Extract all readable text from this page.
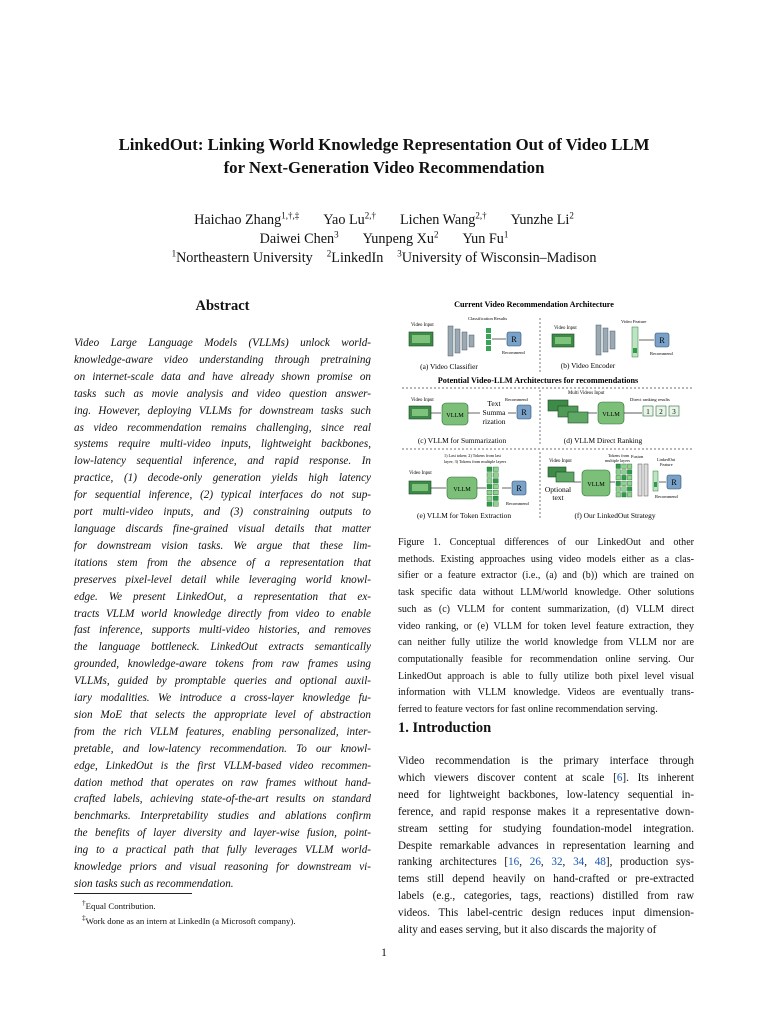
LinkedOut: Linking World Knowledge Representation Out of Video LLM
for Next-Generation Video Recommendation
Haichao Zhang$^{1,\dagger,\ddagger}$ Yao $Lu^{2,\dagger}$ Lichen Wang$^{2,\dagger}$ Yunzhe Li$^2$
Daiwei Chen$^3$ Yunpeng Xu$^2$ Yun Fu$^1$
$^1$Northeastern University $^2$LinkedIn $^3$University of Wisconsin–Madison
Abstract
Video Large Language Models (VLLMs) unlock world-
knowledge-aware video understanding through pretraining
on internet-scale data and have already shown promise on
tasks such as movie analysis and video question answer-
ing. However, deploying VLLMs for downstream tasks such
as video recommendation remains challenging, since real
systems require multi-video inputs, lightweight backbones,
low-latency sequential inference, and rapid response. In
practice, (1) decode-only generation yields high latency
for sequential inference, (2) typical interfaces do not sup-
port multi-video inputs, and (3) constraining outputs to
language discards fine-grained visual details that matter
for downstream vision tasks. We argue that these lim-
itations stem from the absence of a representation that
preserves pixel-level detail while leveraging world knowl-
edge. We present LinkedOut, a representation that ex-
tracts VLLM world knowledge directly from video to enable
fast inference, supports multi-video histories, and removes
the language bottleneck. LinkedOut extracts semantically
grounded, knowledge-aware tokens from raw frames using
VLLMs, guided by promptable queries and optional auxil-
iary modalities. We introduce a cross-layer knowledge fu-
sion MoE that selects the appropriate level of abstraction
from the rich VLLM features, enabling personalized, inter-
pretable, and low-latency recommendation. To our knowl-
edge, LinkedOut is the first VLLM-based video recommen-
dation method that operates on raw frames without hand-
crafted labels, achieving state-of-the-art results on standard
benchmarks. Interpretability studies and ablations confirm
the benefits of layer diversity and layer-wise fusion, point-
ing to a practical path that fully leverages VLLM world-
knowledge priors and visual reasoning for downstream vi-
sion tasks such as recommendation.
†Equal Contribution.
‡Work done as an intern at LinkedIn (a Microsoft company).
Current Video Recommendation Architecture
Potential Video-LLM Architectures for recommendations
Video Input
Classification Results
R
Recommend
(a) Video Classifier
Video Input
Video Feature
R
Recommend
(b) Video Encoder
Video Input
VLLM
Text
Summa
rization
Recommend
R
(c) VLLM for Summarization
Multi Videos Input
VLLM
Direct ranking results
1 2 3
(d) VLLM Direct Ranking
1) Last token; 2) Tokens from last
layer; 3) Tokens from multiple layers
Video Input
VLLM	R
Recommend
(e) VLLM for Token Extraction
Video Input
Optional
text
VLLM
Tokens from
multiple layers
Fusion
LinkedOut
Feature
R
Recommend
(f) Our LinkedOut Strategy
Figure 1. Conceptual differences of our LinkedOut and other
methods. Existing approaches using video models either as a clas-
sifier or a feature extractor (i.e., (a) and (b)) which are trained on
task specific data without LLM/world knowledge. Other solutions
such as (c) VLLM for content summarization, (d) VLLM direct
video ranking, or (e) VLLM for token level feature extraction, they
can neither fully utilize the world knowledge from VLLM nor are
computationally feasible for recommendation online serving. Our
LinkedOut approach is able to fully utilize both pixel level visual
information with VLLM knowledge. Videos are eventually trans-
ferred to feature vectors for fast online recommendation serving.
1. Introduction
Video recommendation is the primary interface through
which viewers discover content at scale [6]. Its inherent
need for lightweight backbones, low-latency sequential in-
ference, and rapid response makes it a representative down-
stream setting for studying foundation-model integration.
Despite remarkable advances in representation learning and
ranking architectures [16, 26, 32, 34, 48], production sys-
tems still depend heavily on hand-crafted or pre-extracted
labels (e.g., categories, tags, reactions) distilled from raw
videos. This label-centric design reduces input dimension-
ality and eases serving, but it also discards the majority of
1
